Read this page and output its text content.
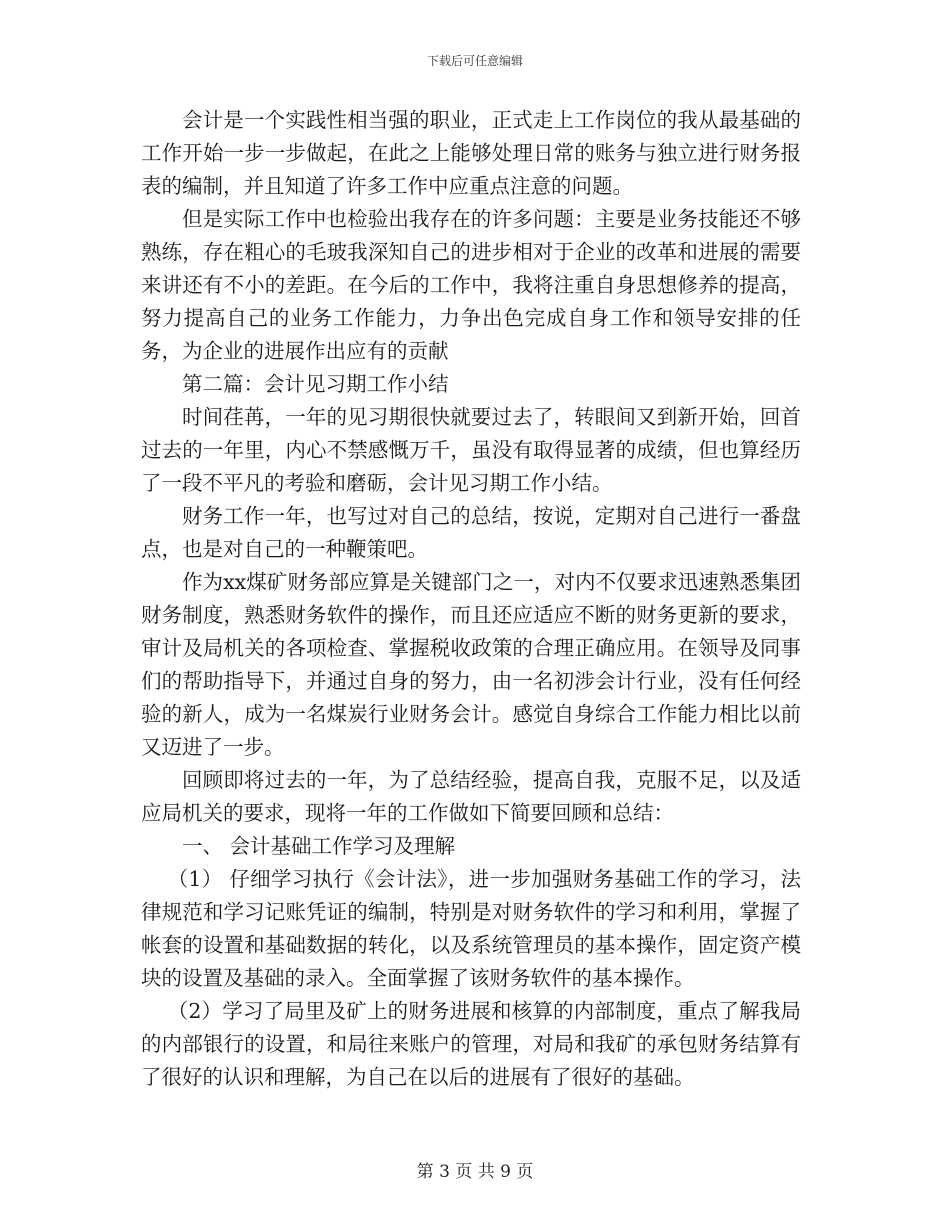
下载后可任意编辑

会计是一个实践性相当强的职业，正式走上工作岗位的我从最基础的工作开始一步一步做起，在此之上能够处理日常的账务与独立进行财务报表的编制，并且知道了许多工作中应重点注意的问题。

但是实际工作中也检验出我存在的许多问题：主要是业务技能还不够熟练，存在粗心的毛玻我深知自己的进步相对于企业的改革和进展的需要来讲还有不小的差距。在今后的工作中，我将注重自身思想修养的提高，努力提高自己的业务工作能力，力争出色完成自身工作和领导安排的任务，为企业的进展作出应有的贡献

第二篇：会计见习期工作小结

时间荏苒，一年的见习期很快就要过去了，转眼间又到新开始，回首过去的一年里，内心不禁感慨万千，虽没有取得显著的成绩，但也算经历了一段不平凡的考验和磨砺，会计见习期工作小结。

财务工作一年，也写过对自己的总结，按说，定期对自己进行一番盘点，也是对自己的一种鞭策吧。

作为xx煤矿财务部应算是关键部门之一，对内不仅要求迅速熟悉集团财务制度，熟悉财务软件的操作，而且还应适应不断的财务更新的要求，审计及局机关的各项检查、掌握税收政策的合理正确应用。在领导及同事们的帮助指导下，并通过自身的努力，由一名初涉会计行业，没有任何经验的新人，成为一名煤炭行业财务会计。感觉自身综合工作能力相比以前又迈进了一步。

回顾即将过去的一年，为了总结经验，提高自我，克服不足，以及适应局机关的要求，现将一年的工作做如下简要回顾和总结：

一、 会计基础工作学习及理解

（1） 仔细学习执行《会计法》，进一步加强财务基础工作的学习，法律规范和学习记账凭证的编制，特别是对财务软件的学习和利用，掌握了帐套的设置和基础数据的转化，以及系统管理员的基本操作，固定资产模块的设置及基础的录入。全面掌握了该财务软件的基本操作。

（2）学习了局里及矿上的财务进展和核算的内部制度，重点了解我局的内部银行的设置，和局往来账户的管理，对局和我矿的承包财务结算有了很好的认识和理解，为自己在以后的进展有了很好的基础。

第 3 页 共 9 页
